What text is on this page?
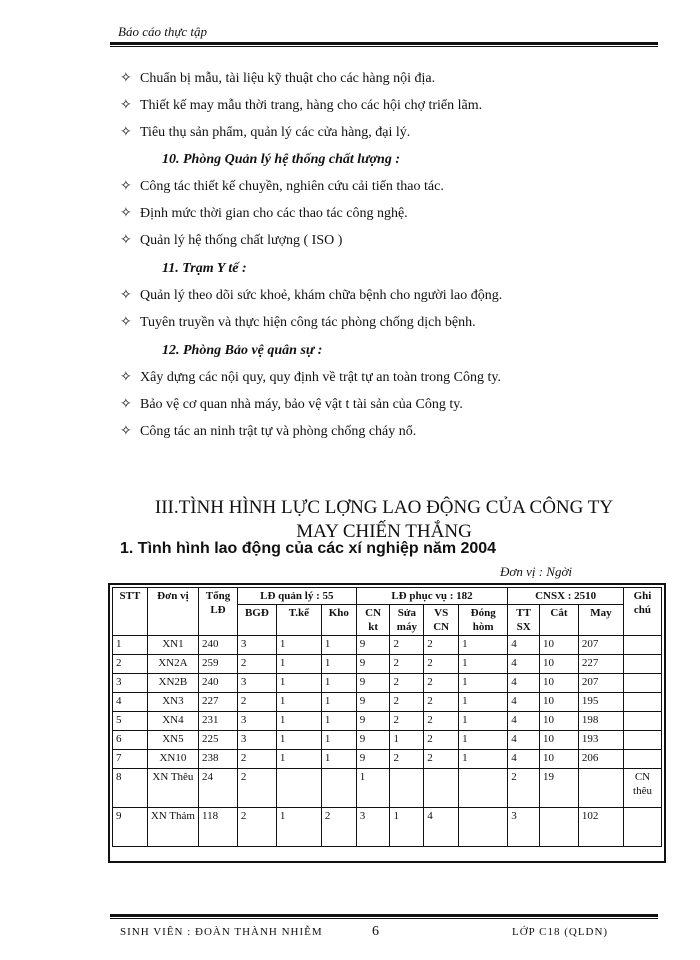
Báo cáo thực tập
✧ Chuẩn bị mẫu, tài liệu kỹ thuật cho các hàng nội địa.
✧ Thiết kế may mẫu thời trang, hàng cho các hội chợ triển lãm.
✧ Tiêu thụ sản phẩm, quản lý các cửa hàng, đại lý.
10. Phòng Quản lý hệ thống chất lượng :
✧ Công tác thiết kế chuyền, nghiên cứu cải tiến thao tác.
✧ Định mức thời gian cho các thao tác công nghệ.
✧ Quản lý hệ thống chất lượng ( ISO )
11. Trạm Y tế :
✧ Quản lý theo dõi sức khoẻ, khám chữa bệnh cho người lao động.
✧ Tuyên truyền và thực hiện công tác phòng chống dịch bệnh.
12. Phòng Bảo vệ quân sự :
✧ Xây dựng các nội quy, quy định về trật tự an toàn trong Công ty.
✧ Bảo vệ cơ quan nhà máy, bảo vệ vật t tài sản của Công ty.
✧ Công tác an ninh trật tự và phòng chống cháy nổ.
III.TÌNH HÌNH LỰC LỢNG LAO ĐỘNG CỦA CÔNG TY
MAY CHIẾN THẮNG
1. Tình hình lao động của các xí nghiệp năm 2004
Đơn vị : Ngời
STT	Đơn vị	Tổng LĐ	LĐ quản lý : 55			LĐ phục vụ : 182				CNSX : 2510			Ghi chú
			BGĐ	T.kế	Kho	CN kt	Sửa máy	VS CN	Đóng hòm	TT SX	Cắt	May	
1	XN1	240	3	1	1	9	2	2	1	4	10	207	
2	XN2A	259	2	1	1	9	2	2	1	4	10	227	
3	XN2B	240	3	1	1	9	2	2	1	4	10	207	
4	XN3	227	2	1	1	9	2	2	1	4	10	195	
5	XN4	231	3	1	1	9	2	2	1	4	10	198	
6	XN5	225	3	1	1	9	1	2	1	4	10	193	
7	XN10	238	2	1	1	9	2	2	1	4	10	206	
8	XN Thêu	24	2			1				2	19		CN thêu
9	XN Thảm	118	2	1	2	3	1	4		3		102	
SINH VIÊN : ĐOÀN THÀNH NHIỄM	6	LỚP C18 (QLDN)
